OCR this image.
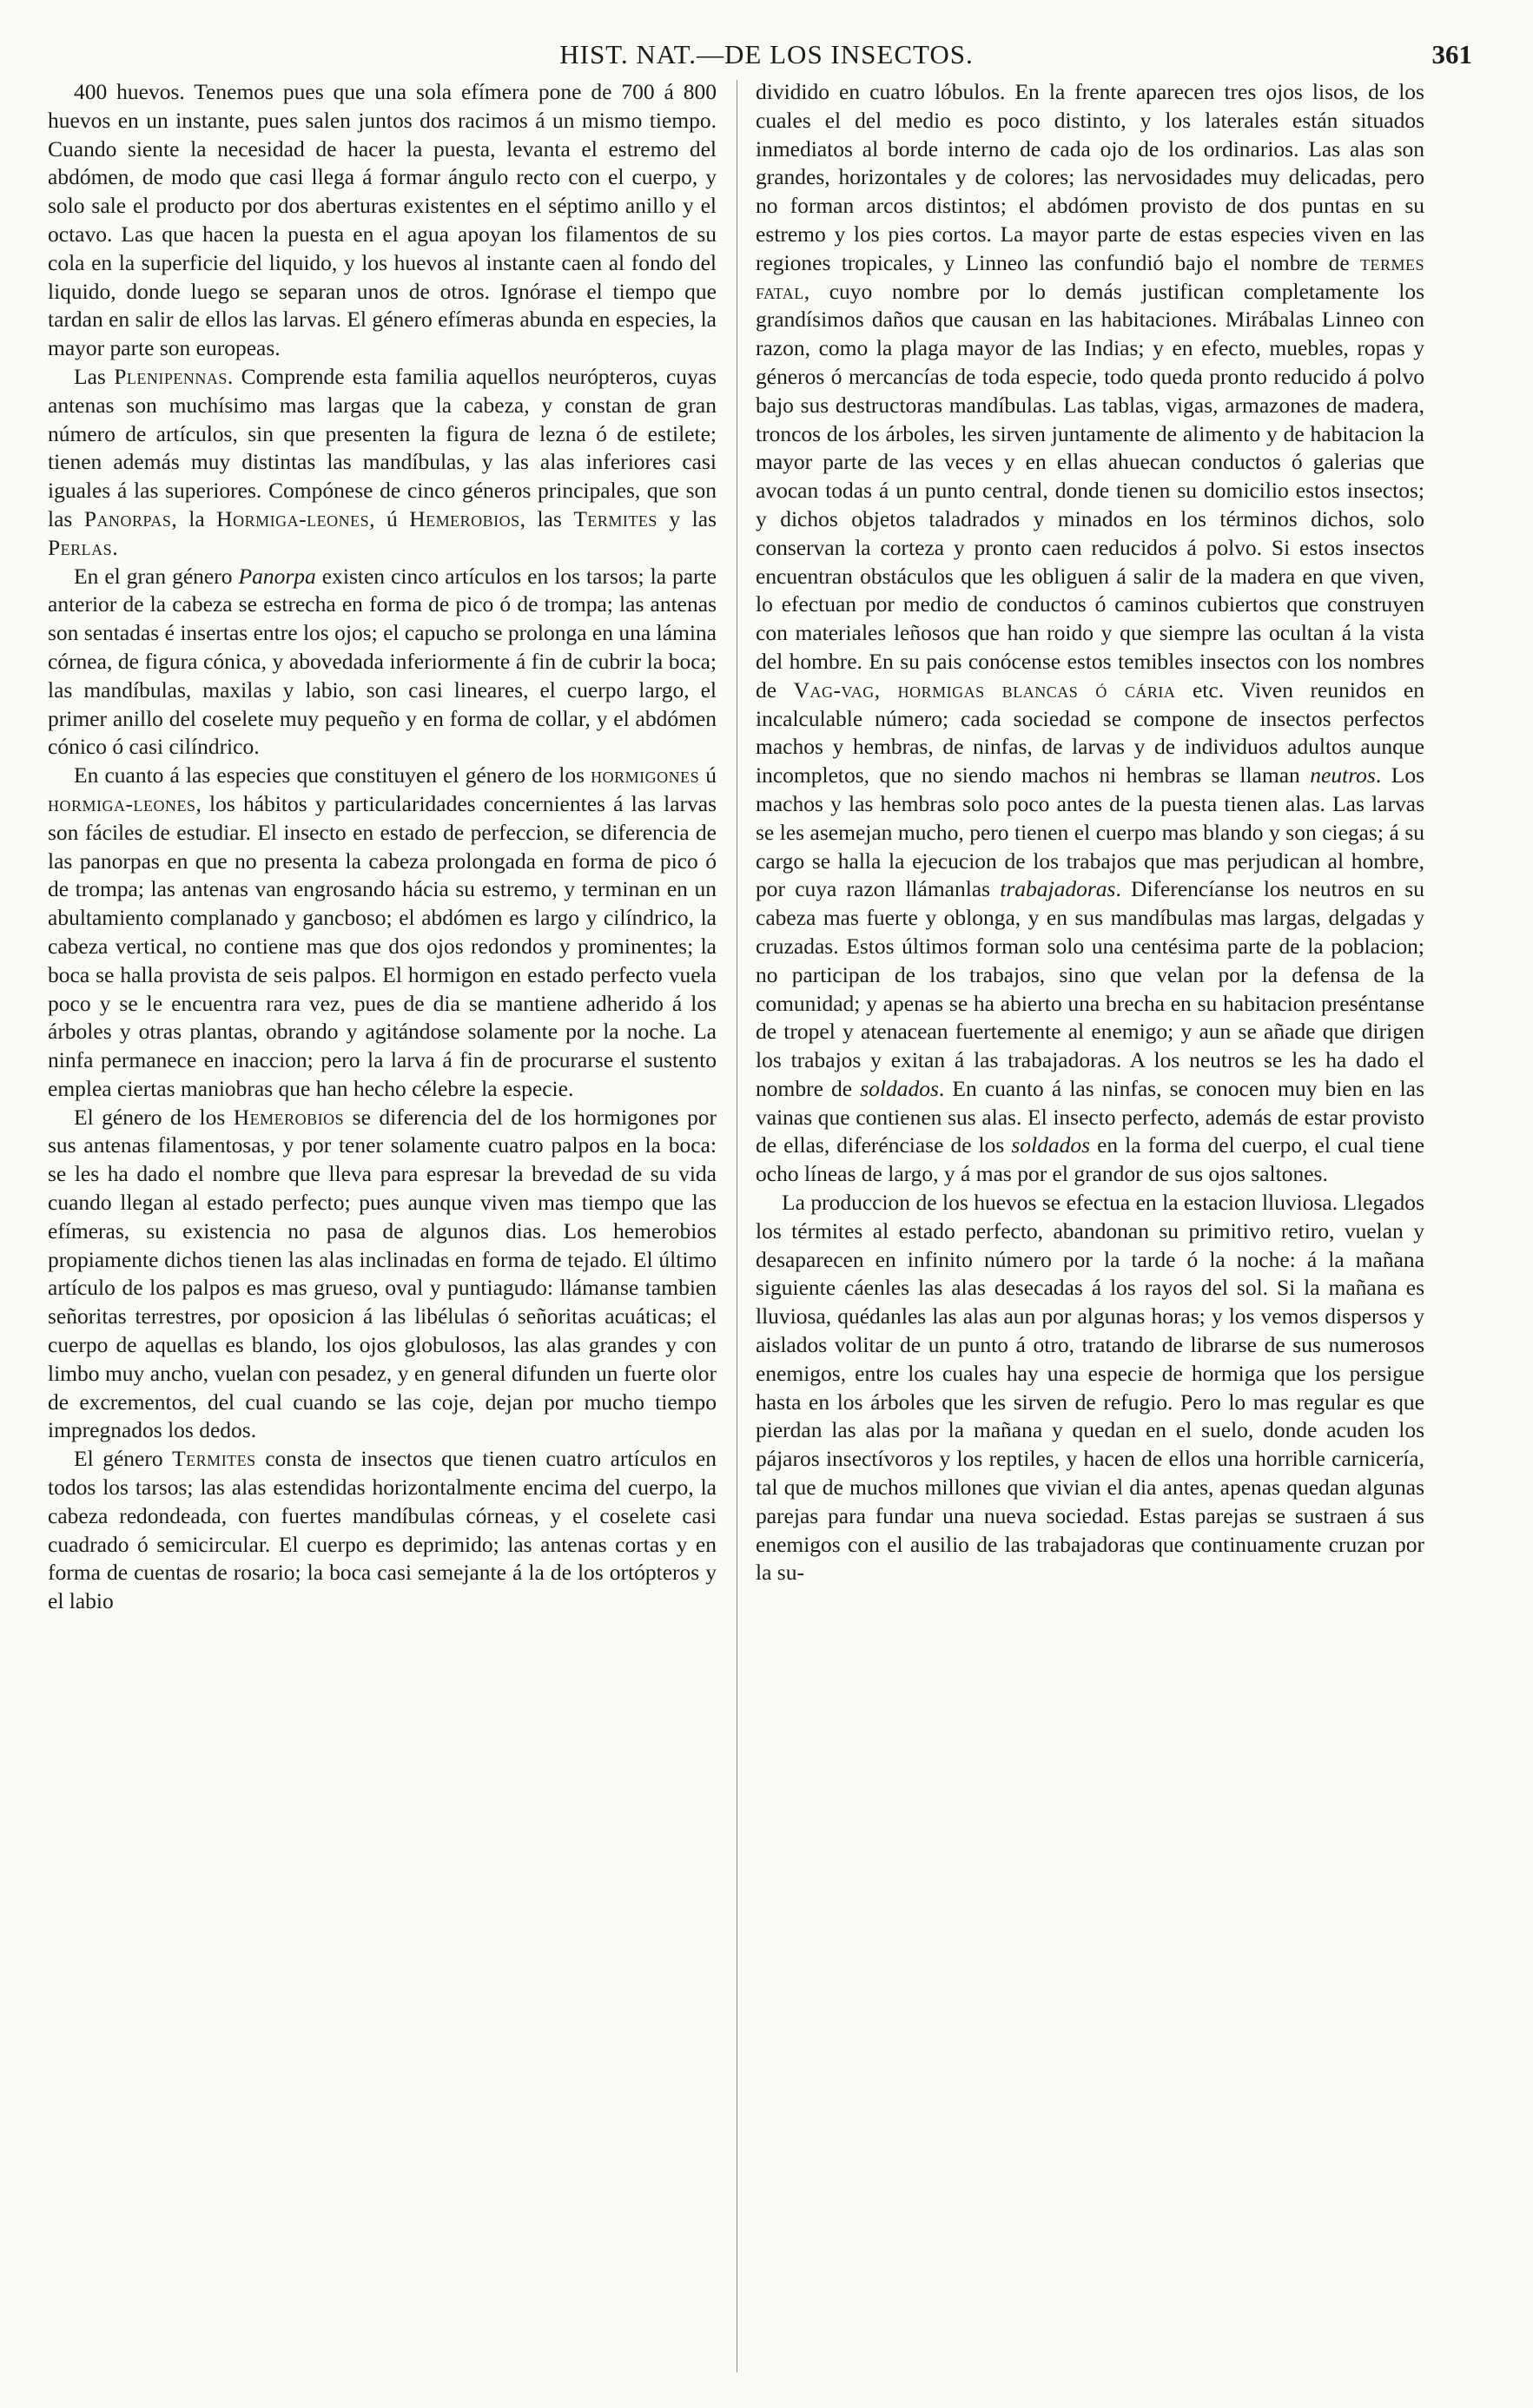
HIST. NAT.—DE LOS INSECTOS.	361

400 huevos. Tenemos pues que una sola efímera pone de 700 á 800 huevos en un instante, pues salen juntos dos racimos á un mismo tiempo. Cuando siente la necesidad de hacer la puesta, levanta el estremo del abdómen, de modo que casi llega á formar ángulo recto con el cuerpo, y solo sale el producto por dos aberturas existentes en el séptimo anillo y el octavo. Las que hacen la puesta en el agua apoyan los filamentos de su cola en la superficie del liquido, y los huevos al instante caen al fondo del liquido, donde luego se separan unos de otros. Ignórase el tiempo que tardan en salir de ellos las larvas. El género efímeras abunda en especies, la mayor parte son europeas.

Las Plenipennas. Comprende esta familia aquellos neurópteros, cuyas antenas son muchísimo mas largas que la cabeza, y constan de gran número de artículos, sin que presenten la figura de lezna ó de estilete; tienen además muy distintas las mandíbulas, y las alas inferiores casi iguales á las superiores. Compónese de cinco géneros principales, que son las Panorpas, la Hormiga-leones, ú Hemerobios, las Termites y las Perlas.

En el gran género Panorpa existen cinco artículos en los tarsos; la parte anterior de la cabeza se estrecha en forma de pico ó de trompa; las antenas son sentadas é insertas entre los ojos; el capucho se prolonga en una lámina córnea, de figura cónica, y abovedada inferiormente á fin de cubrir la boca; las mandíbulas, maxilas y labio, son casi lineares, el cuerpo largo, el primer anillo del coselete muy pequeño y en forma de collar, y el abdómen cónico ó casi cilíndrico.

En cuanto á las especies que constituyen el género de los hormigones ú hormiga-leones, los hábitos y particularidades concernientes á las larvas son fáciles de estudiar. El insecto en estado de perfeccion, se diferencia de las panorpas en que no presenta la cabeza prolongada en forma de pico ó de trompa; las antenas van engrosando hácia su estremo, y terminan en un abultamiento complanado y gancboso; el abdómen es largo y cilíndrico, la cabeza vertical, no contiene mas que dos ojos redondos y prominentes; la boca se halla provista de seis palpos. El hormigon en estado perfecto vuela poco y se le encuentra rara vez, pues de dia se mantiene adherido á los árboles y otras plantas, obrando y agitándose solamente por la noche. La ninfa permanece en inaccion; pero la larva á fin de procurarse el sustento emplea ciertas maniobras que han hecho célebre la especie.

El género de los Hemerobios se diferencia del de los hormigones por sus antenas filamentosas, y por tener solamente cuatro palpos en la boca: se les ha dado el nombre que lleva para espresar la brevedad de su vida cuando llegan al estado perfecto; pues aunque viven mas tiempo que las efímeras, su existencia no pasa de algunos dias. Los hemerobios propiamente dichos tienen las alas inclinadas en forma de tejado. El último artículo de los palpos es mas grueso, oval y puntiagudo: llámanse tambien señoritas terrestres, por oposicion á las libélulas ó señoritas acuáticas; el cuerpo de aquellas es blando, los ojos globulosos, las alas grandes y con limbo muy ancho, vuelan con pesadez, y en general difunden un fuerte olor de excrementos, del cual cuando se las coje, dejan por mucho tiempo impregnados los dedos.

El género Termites consta de insectos que tienen cuatro artículos en todos los tarsos; las alas estendidas horizontalmente encima del cuerpo, la cabeza redondeada, con fuertes mandíbulas córneas, y el coselete casi cuadrado ó semicircular. El cuerpo es deprimido; las antenas cortas y en forma de cuentas de rosario; la boca casi semejante á la de los ortópteros y el labio

dividido en cuatro lóbulos. En la frente aparecen tres ojos lisos, de los cuales el del medio es poco distinto, y los laterales están situados inmediatos al borde interno de cada ojo de los ordinarios. Las alas son grandes, horizontales y de colores; las nervosidades muy delicadas, pero no forman arcos distintos; el abdómen provisto de dos puntas en su estremo y los pies cortos. La mayor parte de estas especies viven en las regiones tropicales, y Linneo las confundió bajo el nombre de termes fatal, cuyo nombre por lo demás justifican completamente los grandísimos daños que causan en las habitaciones. Mirábalas Linneo con razon, como la plaga mayor de las Indias; y en efecto, muebles, ropas y géneros ó mercancías de toda especie, todo queda pronto reducido á polvo bajo sus destructoras mandíbulas. Las tablas, vigas, armazones de madera, troncos de los árboles, les sirven juntamente de alimento y de habitacion la mayor parte de las veces y en ellas ahuecan conductos ó galerias que avocan todas á un punto central, donde tienen su domicilio estos insectos; y dichos objetos taladrados y minados en los términos dichos, solo conservan la corteza y pronto caen reducidos á polvo. Si estos insectos encuentran obstáculos que les obliguen á salir de la madera en que viven, lo efectuan por medio de conductos ó caminos cubiertos que construyen con materiales leñosos que han roido y que siempre las ocultan á la vista del hombre. En su pais conócense estos temibles insectos con los nombres de Vag-vag, hormigas blancas ó cária etc. Viven reunidos en incalculable número; cada sociedad se compone de insectos perfectos machos y hembras, de ninfas, de larvas y de individuos adultos aunque incompletos, que no siendo machos ni hembras se llaman neutros. Los machos y las hembras solo poco antes de la puesta tienen alas. Las larvas se les asemejan mucho, pero tienen el cuerpo mas blando y son ciegas; á su cargo se halla la ejecucion de los trabajos que mas perjudican al hombre, por cuya razon llámanlas trabajadoras. Diferencíanse los neutros en su cabeza mas fuerte y oblonga, y en sus mandíbulas mas largas, delgadas y cruzadas. Estos últimos forman solo una centésima parte de la poblacion; no participan de los trabajos, sino que velan por la defensa de la comunidad; y apenas se ha abierto una brecha en su habitacion preséntanse de tropel y atenacean fuertemente al enemigo; y aun se añade que dirigen los trabajos y exitan á las trabajadoras. A los neutros se les ha dado el nombre de soldados. En cuanto á las ninfas, se conocen muy bien en las vainas que contienen sus alas. El insecto perfecto, además de estar provisto de ellas, diferénciase de los soldados en la forma del cuerpo, el cual tiene ocho líneas de largo, y á mas por el grandor de sus ojos saltones.

La produccion de los huevos se efectua en la estacion lluviosa. Llegados los térmites al estado perfecto, abandonan su primitivo retiro, vuelan y desaparecen en infinito número por la tarde ó la noche: á la mañana siguiente cáenles las alas desecadas á los rayos del sol. Si la mañana es lluviosa, quédanles las alas aun por algunas horas; y los vemos dispersos y aislados volitar de un punto á otro, tratando de librarse de sus numerosos enemigos, entre los cuales hay una especie de hormiga que los persigue hasta en los árboles que les sirven de refugio. Pero lo mas regular es que pierdan las alas por la mañana y quedan en el suelo, donde acuden los pájaros insectívoros y los reptiles, y hacen de ellos una horrible carnicería, tal que de muchos millones que vivian el dia antes, apenas quedan algunas parejas para fundar una nueva sociedad. Estas parejas se sustraen á sus enemigos con el ausilio de las trabajadoras que continuamente cruzan por la su-
